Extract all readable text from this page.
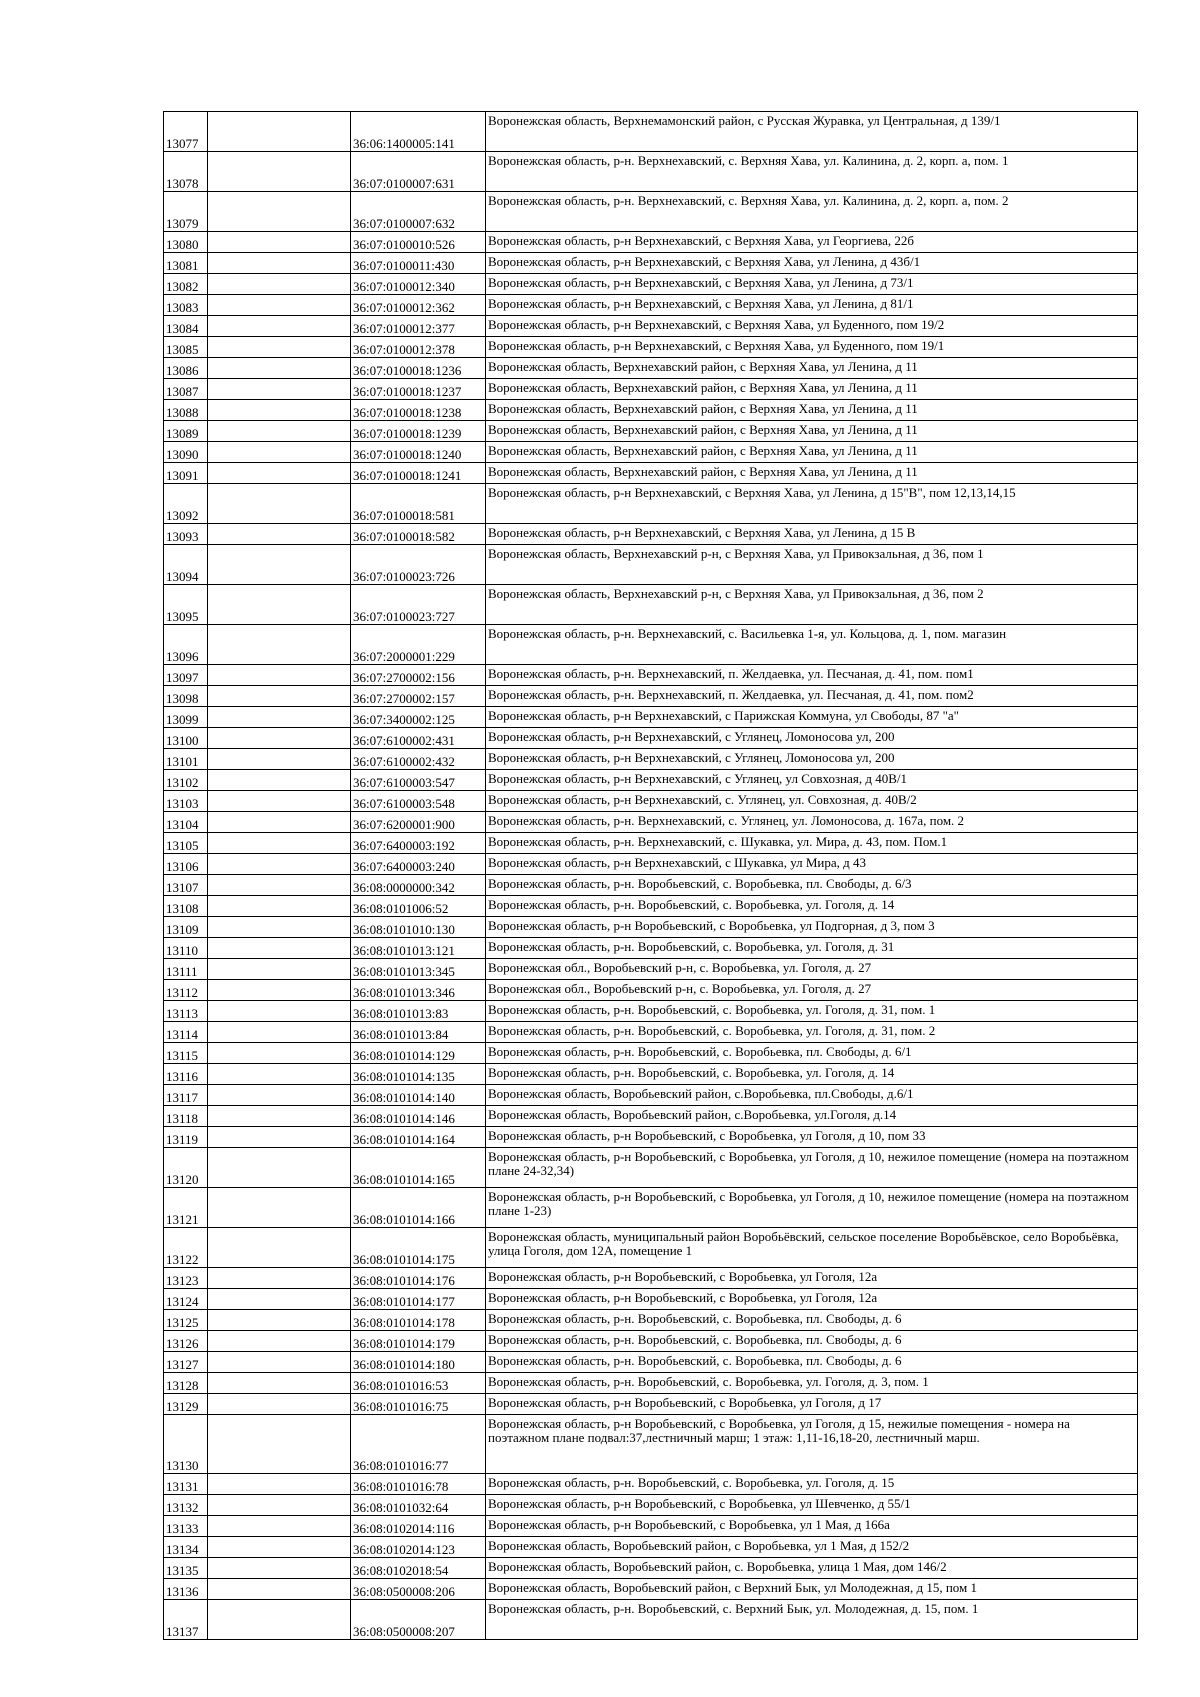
13077		36:06:1400005:141	Воронежская область, Верхнемамонский район, с Русская Журавка, ул Центральная, д 139/1
13078		36:07:0100007:631	Воронежская область, р-н. Верхнехавский, с. Верхняя Хава, ул. Калинина, д. 2, корп. а, пом. 1
13079		36:07:0100007:632	Воронежская область, р-н. Верхнехавский, с. Верхняя Хава, ул. Калинина, д. 2, корп. а, пом. 2
13080		36:07:0100010:526	Воронежская область, р-н Верхнехавский, с Верхняя Хава, ул Георгиева, 22б
13081		36:07:0100011:430	Воронежская область, р-н Верхнехавский, с Верхняя Хава, ул Ленина, д 43б/1
13082		36:07:0100012:340	Воронежская область, р-н Верхнехавский, с Верхняя Хава, ул Ленина, д 73/1
13083		36:07:0100012:362	Воронежская область, р-н Верхнехавский, с Верхняя Хава, ул Ленина, д 81/1
13084		36:07:0100012:377	Воронежская область, р-н Верхнехавский, с Верхняя Хава, ул Буденного, пом 19/2
13085		36:07:0100012:378	Воронежская область, р-н Верхнехавский, с Верхняя Хава, ул Буденного, пом 19/1
13086		36:07:0100018:1236	Воронежская область, Верхнехавский район, с Верхняя Хава, ул Ленина, д 11
13087		36:07:0100018:1237	Воронежская область, Верхнехавский район, с Верхняя Хава, ул Ленина, д 11
13088		36:07:0100018:1238	Воронежская область, Верхнехавский район, с Верхняя Хава, ул Ленина, д 11
13089		36:07:0100018:1239	Воронежская область, Верхнехавский район, с Верхняя Хава, ул Ленина, д 11
13090		36:07:0100018:1240	Воронежская область, Верхнехавский район, с Верхняя Хава, ул Ленина, д 11
13091		36:07:0100018:1241	Воронежская область, Верхнехавский район, с Верхняя Хава, ул Ленина, д 11
13092		36:07:0100018:581	Воронежская область, р-н Верхнехавский, с Верхняя Хава, ул Ленина, д 15"В", пом 12,13,14,15
13093		36:07:0100018:582	Воронежская область, р-н Верхнехавский, с Верхняя Хава, ул Ленина, д 15 В
13094		36:07:0100023:726	Воронежская область, Верхнехавский р-н, с Верхняя Хава, ул Привокзальная, д 36, пом 1
13095		36:07:0100023:727	Воронежская область, Верхнехавский р-н, с Верхняя Хава, ул Привокзальная, д 36, пом 2
13096		36:07:2000001:229	Воронежская область, р-н. Верхнехавский, с. Васильевка 1-я, ул. Кольцова, д. 1, пом. магазин
13097		36:07:2700002:156	Воронежская область, р-н. Верхнехавский, п. Желдаевка, ул. Песчаная, д. 41, пом. пом1
13098		36:07:2700002:157	Воронежская область, р-н. Верхнехавский, п. Желдаевка, ул. Песчаная, д. 41, пом. пом2
13099		36:07:3400002:125	Воронежская область, р-н Верхнехавский, с Парижская Коммуна, ул Свободы, 87 "а"
13100		36:07:6100002:431	Воронежская область, р-н Верхнехавский, с Углянец, Ломоносова ул, 200
13101		36:07:6100002:432	Воронежская область, р-н Верхнехавский, с Углянец, Ломоносова ул, 200
13102		36:07:6100003:547	Воронежская область, р-н Верхнехавский, с Углянец, ул Совхозная, д 40В/1
13103		36:07:6100003:548	Воронежская область, р-н Верхнехавский, с. Углянец, ул. Совхозная, д. 40В/2
13104		36:07:6200001:900	Воронежская область, р-н. Верхнехавский, с. Углянец, ул. Ломоносова, д. 167а, пом. 2
13105		36:07:6400003:192	Воронежская область, р-н. Верхнехавский, с. Шукавка, ул. Мира, д. 43, пом. Пом.1
13106		36:07:6400003:240	Воронежская область, р-н Верхнехавский, с Шукавка, ул Мира, д 43
13107		36:08:0000000:342	Воронежская область, р-н. Воробьевский, с. Воробьевка, пл. Свободы, д. 6/3
13108		36:08:0101006:52	Воронежская область, р-н. Воробьевский, с. Воробьевка, ул. Гоголя, д. 14
13109		36:08:0101010:130	Воронежская область, р-н Воробьевский, с Воробьевка, ул Подгорная, д 3, пом 3
13110		36:08:0101013:121	Воронежская область, р-н. Воробьевский, с. Воробьевка, ул. Гоголя, д. 31
13111		36:08:0101013:345	Воронежская обл., Воробьевский р-н, с. Воробьевка, ул. Гоголя, д. 27
13112		36:08:0101013:346	Воронежская обл., Воробьевский р-н, с. Воробьевка, ул. Гоголя, д. 27
13113		36:08:0101013:83	Воронежская область, р-н. Воробьевский, с. Воробьевка, ул. Гоголя, д. 31, пом. 1
13114		36:08:0101013:84	Воронежская область, р-н. Воробьевский, с. Воробьевка, ул. Гоголя, д. 31, пом. 2
13115		36:08:0101014:129	Воронежская область, р-н. Воробьевский, с. Воробьевка, пл. Свободы, д. 6/1
13116		36:08:0101014:135	Воронежская область, р-н. Воробьевский, с. Воробьевка, ул. Гоголя, д. 14
13117		36:08:0101014:140	Воронежская область, Воробьевский район, с.Воробьевка, пл.Свободы, д.6/1
13118		36:08:0101014:146	Воронежская область, Воробьевский район, с.Воробьевка, ул.Гоголя, д.14
13119		36:08:0101014:164	Воронежская область, р-н Воробьевский, с Воробьевка, ул Гоголя, д 10, пом 33
13120		36:08:0101014:165	Воронежская область, р-н Воробьевский, с Воробьевка, ул Гоголя, д 10, нежилое помещение (номера на поэтажном плане 24-32,34)
13121		36:08:0101014:166	Воронежская область, р-н Воробьевский, с Воробьевка, ул Гоголя, д 10, нежилое помещение (номера на поэтажном плане 1-23)
13122		36:08:0101014:175	Воронежская область, муниципальный район Воробьёвский, сельское поселение Воробьёвское, село Воробьёвка, улица Гоголя, дом 12А, помещение 1
13123		36:08:0101014:176	Воронежская область, р-н Воробьевский, с Воробьевка, ул Гоголя, 12а
13124		36:08:0101014:177	Воронежская область, р-н Воробьевский, с Воробьевка, ул Гоголя, 12а
13125		36:08:0101014:178	Воронежская область, р-н. Воробьевский, с. Воробьевка, пл. Свободы, д. 6
13126		36:08:0101014:179	Воронежская область, р-н. Воробьевский, с. Воробьевка, пл. Свободы, д. 6
13127		36:08:0101014:180	Воронежская область, р-н. Воробьевский, с. Воробьевка, пл. Свободы, д. 6
13128		36:08:0101016:53	Воронежская область, р-н. Воробьевский, с. Воробьевка, ул. Гоголя, д. 3, пом. 1
13129		36:08:0101016:75	Воронежская область, р-н Воробьевский, с Воробьевка, ул Гоголя, д 17
13130		36:08:0101016:77	Воронежская область, р-н Воробьевский, с Воробьевка, ул Гоголя, д 15, нежилые помещения - номера на поэтажном плане подвал:37,лестничный марш; 1 этаж: 1,11-16,18-20, лестничный марш.
13131		36:08:0101016:78	Воронежская область, р-н. Воробьевский, с. Воробьевка, ул. Гоголя, д. 15
13132		36:08:0101032:64	Воронежская область, р-н Воробьевский, с Воробьевка, ул Шевченко, д 55/1
13133		36:08:0102014:116	Воронежская область, р-н Воробьевский, с Воробьевка, ул 1 Мая, д 166а
13134		36:08:0102014:123	Воронежская область, Воробьевский район, с Воробьевка, ул 1 Мая, д 152/2
13135		36:08:0102018:54	Воронежская область, Воробьевский район, с. Воробьевка, улица 1 Мая, дом 146/2
13136		36:08:0500008:206	Воронежская область, Воробьевский район, с Верхний Бык, ул Молодежная, д 15, пом 1
13137		36:08:0500008:207	Воронежская область, р-н. Воробьевский, с. Верхний Бык, ул. Молодежная, д. 15, пом. 1
